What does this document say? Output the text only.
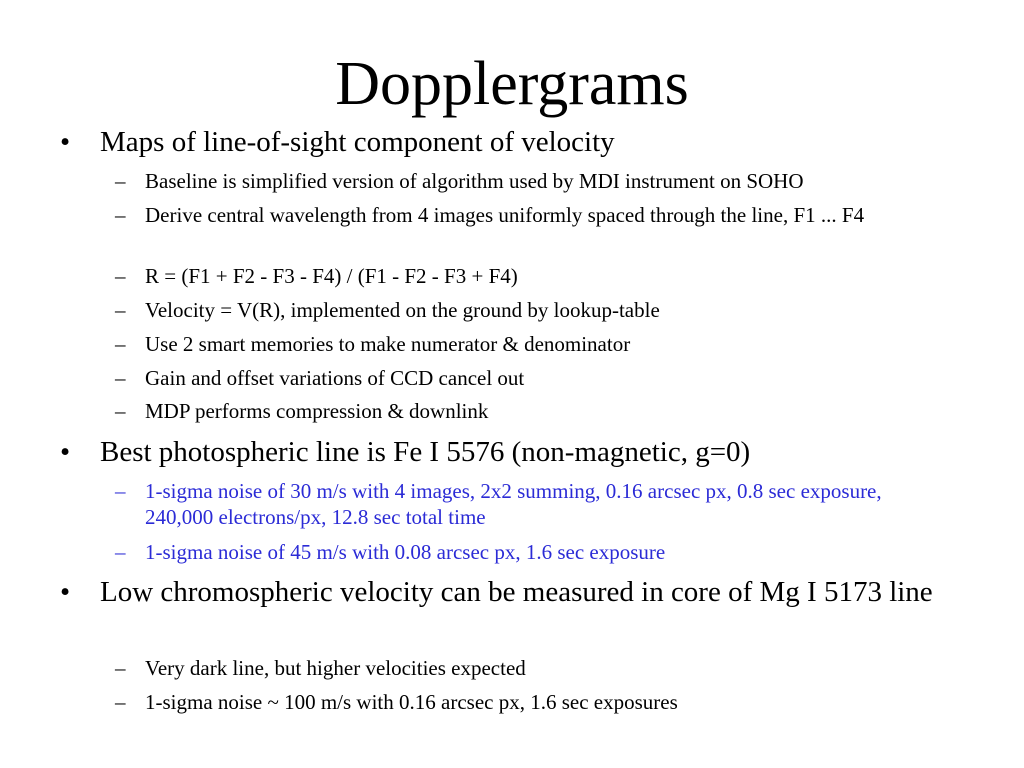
Dopplergrams
•	Maps of line-of-sight component of velocity
– Baseline is simplified version of algorithm used by MDI instrument on SOHO
– Derive central wavelength from 4 images uniformly spaced through the line, F1 ... F4
– R = (F1 + F2 - F3 - F4) / (F1 - F2 - F3 + F4)
– Velocity = V(R), implemented on the ground by lookup-table
– Use 2 smart memories to make numerator & denominator
– Gain and offset variations of CCD cancel out
– MDP performs compression & downlink
•	Best photospheric line is Fe I 5576 (non-magnetic, g=0)
– 1-sigma noise of 30 m/s with 4 images, 2x2 summing, 0.16 arcsec px, 0.8 sec exposure, 240,000 electrons/px, 12.8 sec total time
– 1-sigma noise of 45 m/s with 0.08 arcsec px, 1.6 sec exposure
•	Low chromospheric velocity can be measured in core of Mg I 5173 line
– Very dark line, but higher velocities expected
– 1-sigma noise ~ 100 m/s with 0.16 arcsec px, 1.6 sec exposures
